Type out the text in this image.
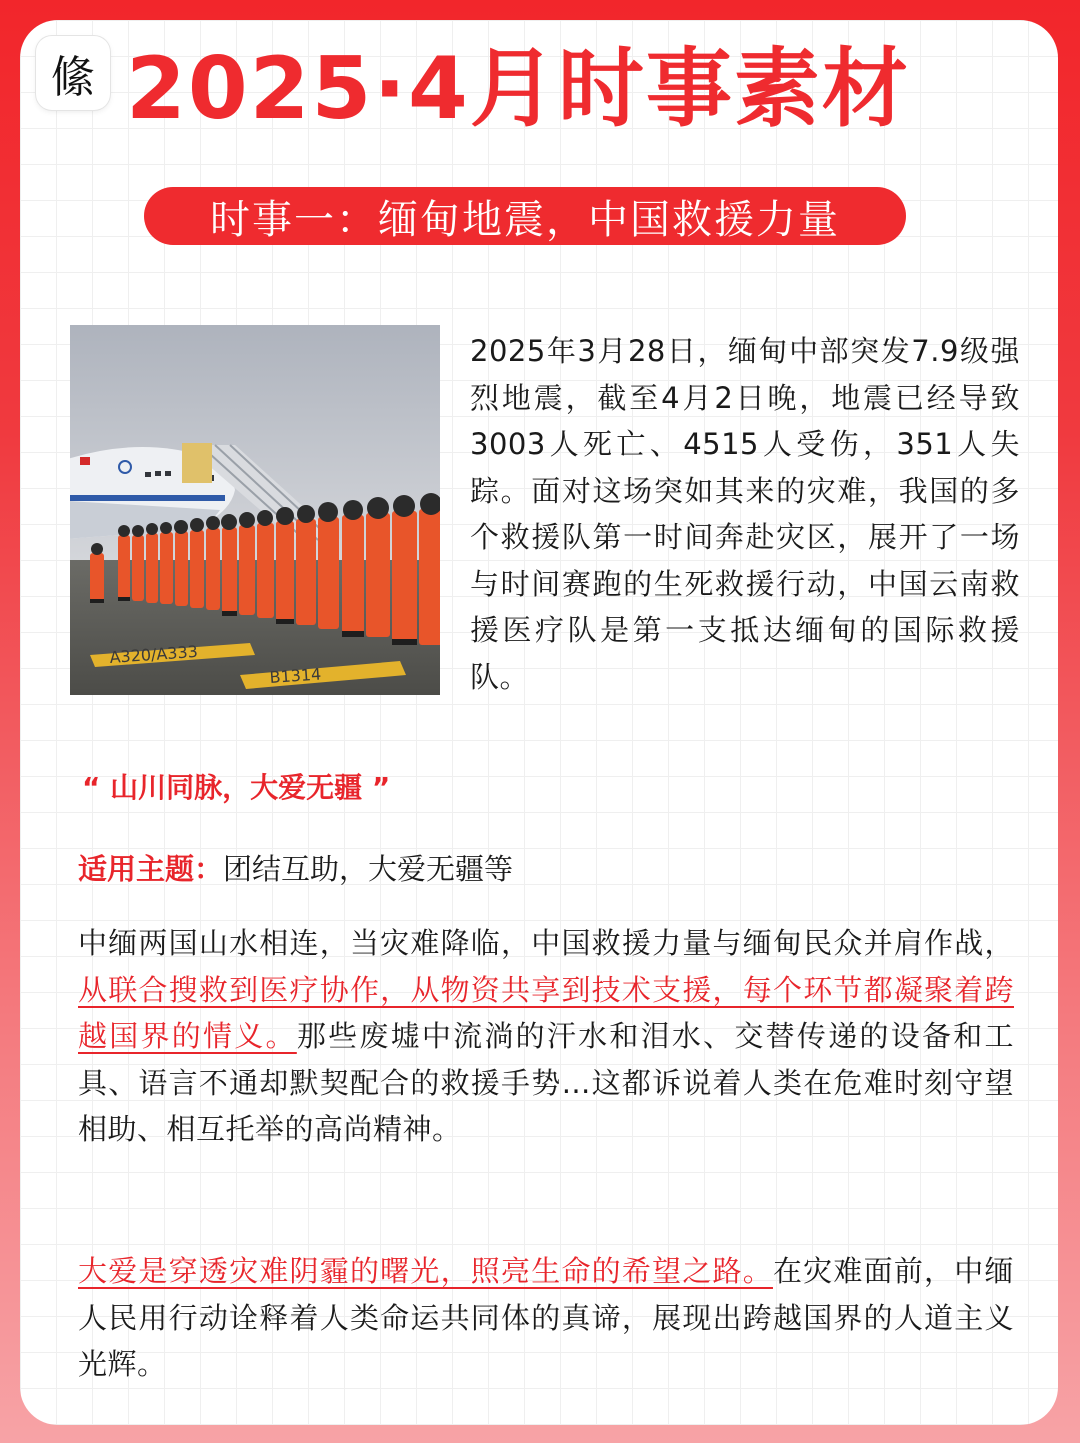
絛 2025·4月时事素材
时事一：缅甸地震，中国救援力量
A320/A333
B1314
2025年3月28日，缅甸中部突发7.9级强烈地震，截至4月2日晚，地震已经导致3003人死亡、4515人受伤，351人失踪。面对这场突如其来的灾难，我国的多个救援队第一时间奔赴灾区，展开了一场与时间赛跑的生死救援行动，中国云南救援医疗队是第一支抵达缅甸的国际救援队。
“ 山川同脉，大爱无疆 ”
适用主题：团结互助，大爱无疆等
中缅两国山水相连，当灾难降临，中国救援力量与缅甸民众并肩作战，从联合搜救到医疗协作，从物资共享到技术支援，每个环节都凝聚着跨越国界的情义。那些废墟中流淌的汗水和泪水、交替传递的设备和工具、语言不通却默契配合的救援手势…这都诉说着人类在危难时刻守望相助、相互托举的高尚精神。
大爱是穿透灾难阴霾的曙光，照亮生命的希望之路。在灾难面前，中缅人民用行动诠释着人类命运共同体的真谛，展现出跨越国界的人道主义光辉。
